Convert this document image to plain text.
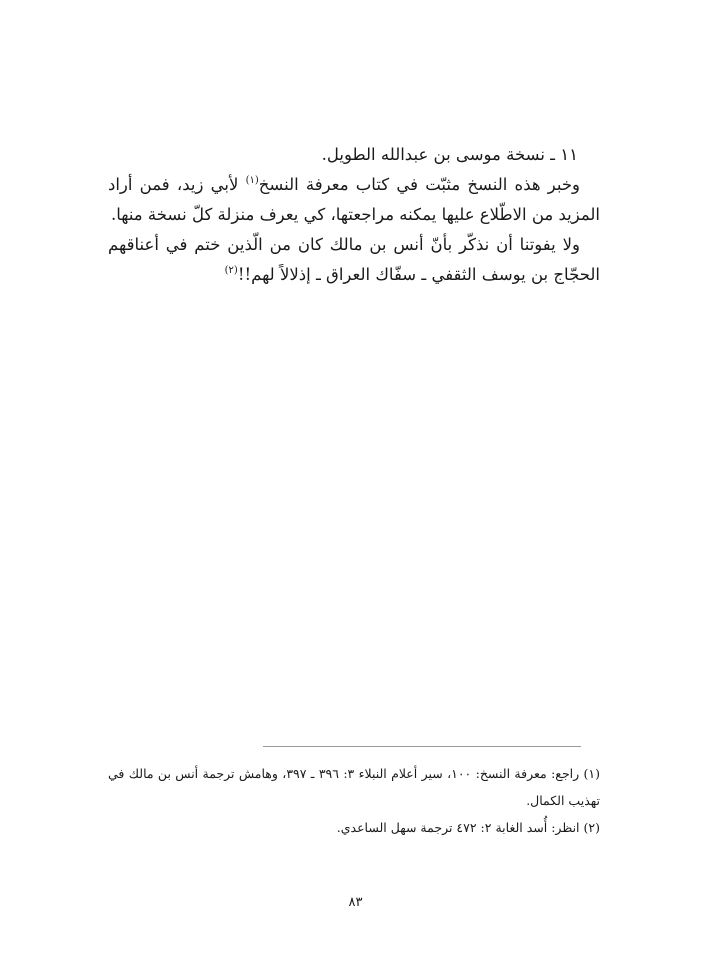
١١ ـ نسخة موسى بن عبدالله الطويل.

وخبر هذه النسخ مثبّت في كتاب معرفة النسخ$^{(١)}$ لأبي زيد، فمن أراد المزيد من الاطّلاع عليها يمكنه مراجعتها، كي يعرف منزلة كلّ نسخة منها.

ولا يفوتنا أن نذكّر بأنّ أنس بن مالك كان من الّذين ختم في أعناقهم الحجّاج بن يوسف الثقفي ـ سفّاك العراق ـ إذلالاً لهم!!$^{(٢)}$

(١) راجع: معرفة النسخ: ١٠٠، سير أعلام النبلاء ٣: ٣٩٦ ـ ٣٩٧، وهامش ترجمة أنس بن مالك في تهذيب الكمال.

(٢) انظر: أُسد الغابة ٢: ٤٧٢ ترجمة سهل الساعدي.

٨٣
